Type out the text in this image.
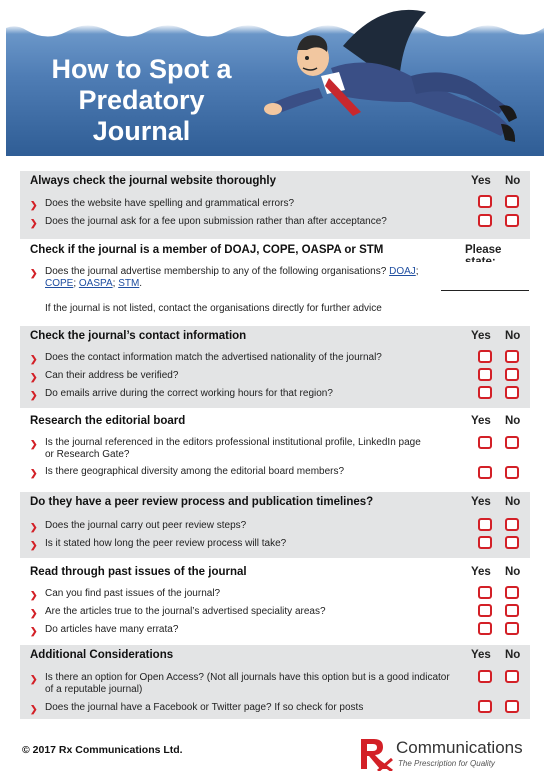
How to Spot a Predatory Journal
Always check the journal website thoroughly	Yes No
❯ Does the website have spelling and grammatical errors?
❯ Does the journal ask for a fee upon submission rather than after acceptance?
Check if the journal is a member of DOAJ, COPE, OASPA or STM	Please
❯ Does the journal advertise membership to any of the following organisations? DOAJ; COPE; OASPA; STM.
If the journal is not listed, contact the organisations directly for further advice
Check the journal’s contact information	Yes No
❯ Does the contact information match the advertised nationality of the journal?
❯ Can their address be verified?
❯ Do emails arrive during the correct working hours for that region?
Research the editorial board	Yes No
❯ Is the journal referenced in the editors professional institutional profile, LinkedIn page or Research Gate?
❯ Is there geographical diversity among the editorial board members?
Do they have a peer review process and publication timelines?	Yes No
❯ Does the journal carry out peer review steps?
❯ Is it stated how long the peer review process will take?
Read through past issues of the journal	Yes No
❯ Can you find past issues of the journal?
❯ Are the articles true to the journal’s advertised speciality areas?
❯ Do articles have many errata?
Additional Considerations	Yes No
❯ Is there an option for Open Access? (Not all journals have this option but is a good indicator of a reputable journal)
❯ Does the journal have a Facebook or Twitter page? If so check for posts
© 2017 Rx Communications Ltd.	Communications
The Prescription for Quality
